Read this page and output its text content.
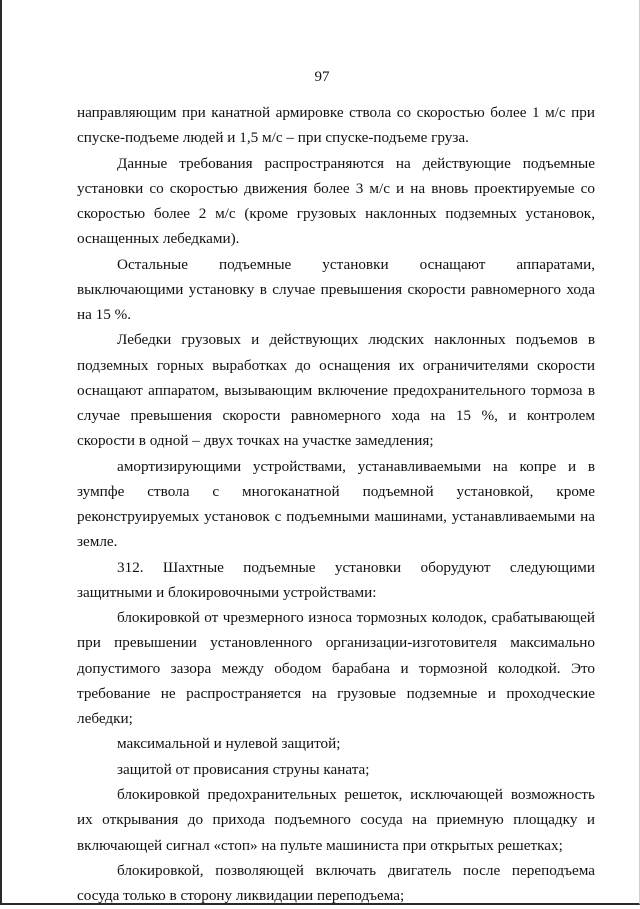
97

направляющим при канатной армировке ствола со скоростью более 1 м/с при спуске-подъеме людей и 1,5 м/с – при спуске-подъеме груза.

Данные требования распространяются на действующие подъемные установки со скоростью движения более 3 м/с и на вновь проектируемые со скоростью более 2 м/с (кроме грузовых наклонных подземных установок, оснащенных лебедками).

Остальные подъемные установки оснащают аппаратами, выключающими установку в случае превышения скорости равномерного хода на 15 %.

Лебедки грузовых и действующих людских наклонных подъемов в подземных горных выработках до оснащения их ограничителями скорости оснащают аппаратом, вызывающим включение предохранительного тормоза в случае превышения скорости равномерного хода на 15 %, и контролем скорости в одной – двух точках на участке замедления;

амортизирующими устройствами, устанавливаемыми на копре и в зумпфе ствола с многоканатной подъемной установкой, кроме реконструируемых установок с подъемными машинами, устанавливаемыми на земле.

312. Шахтные подъемные установки оборудуют следующими защитными и блокировочными устройствами:

блокировкой от чрезмерного износа тормозных колодок, срабатывающей при превышении установленного организации-изготовителя максимально допустимого зазора между ободом барабана и тормозной колодкой. Это требование не распространяется на грузовые подземные и проходческие лебедки;

максимальной и нулевой защитой;

защитой от провисания струны каната;

блокировкой предохранительных решеток, исключающей возможность их открывания до прихода подъемного сосуда на приемную площадку и включающей сигнал «стоп» на пульте машиниста при открытых решетках;

блокировкой, позволяющей включать двигатель после переподъема сосуда только в сторону ликвидации переподъема;
